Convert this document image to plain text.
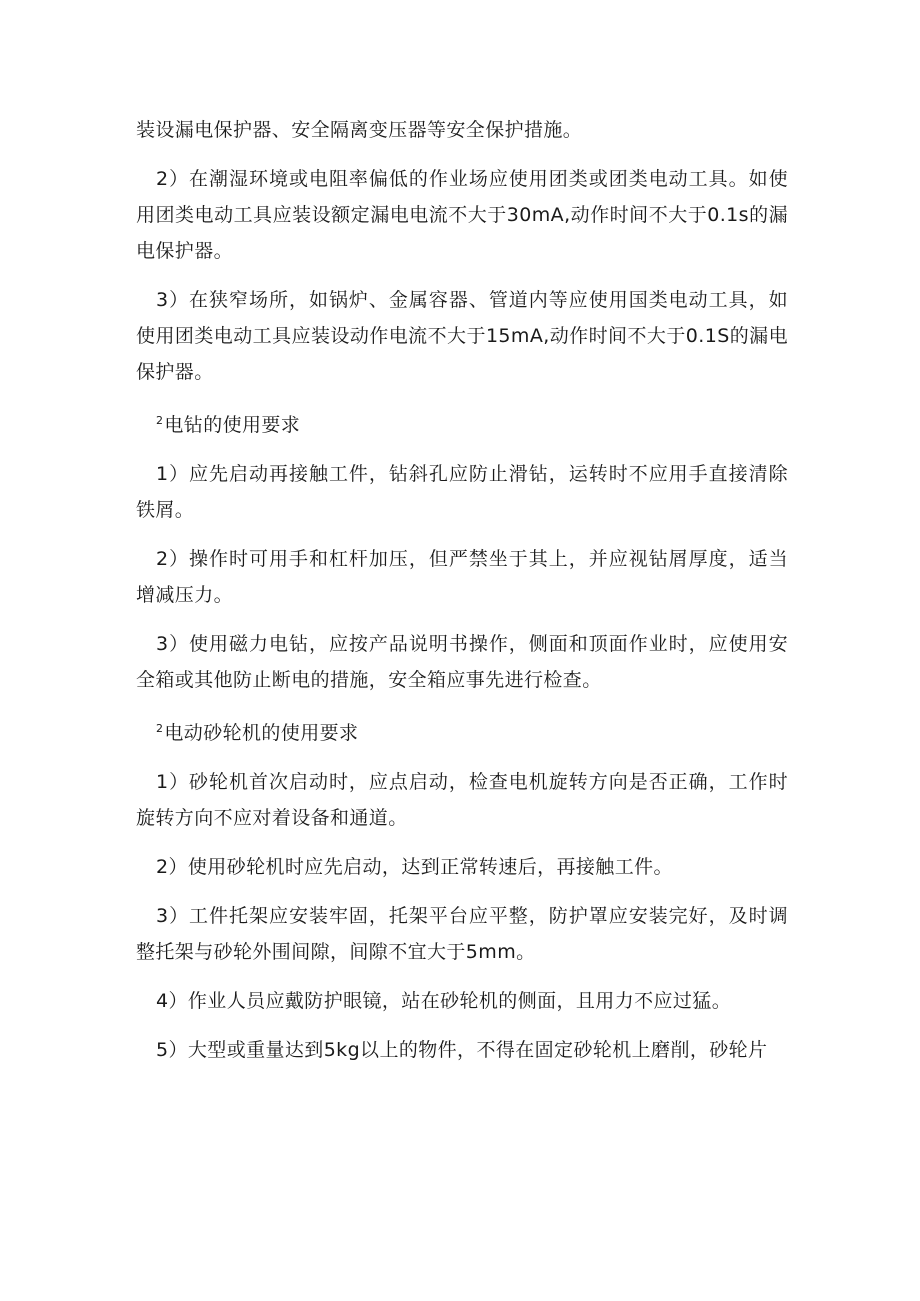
装设漏电保护器、安全隔离变压器等安全保护措施。

2）在潮湿环境或电阻率偏低的作业场应使用团类或团类电动工具。如使用团类电动工具应装设额定漏电电流不大于30mA,动作时间不大于0.1s的漏电保护器。

3）在狭窄场所，如锅炉、金属容器、管道内等应使用国类电动工具，如使用团类电动工具应装设动作电流不大于15mA,动作时间不大于0.1S的漏电保护器。

$^2$电钻的使用要求

1）应先启动再接触工件，钻斜孔应防止滑钻，运转时不应用手直接清除铁屑。

2）操作时可用手和杠杆加压，但严禁坐于其上，并应视钻屑厚度，适当增减压力。

3）使用磁力电钻，应按产品说明书操作，侧面和顶面作业时，应使用安全箱或其他防止断电的措施，安全箱应事先进行检查。

$^2$电动砂轮机的使用要求

1）砂轮机首次启动时，应点启动，检查电机旋转方向是否正确，工作时旋转方向不应对着设备和通道。

2）使用砂轮机时应先启动，达到正常转速后，再接触工件。

3）工件托架应安装牢固，托架平台应平整，防护罩应安装完好，及时调整托架与砂轮外围间隙，间隙不宜大于5mm。

4）作业人员应戴防护眼镜，站在砂轮机的侧面，且用力不应过猛。

5）大型或重量达到5kg以上的物件，不得在固定砂轮机上磨削，砂轮片
